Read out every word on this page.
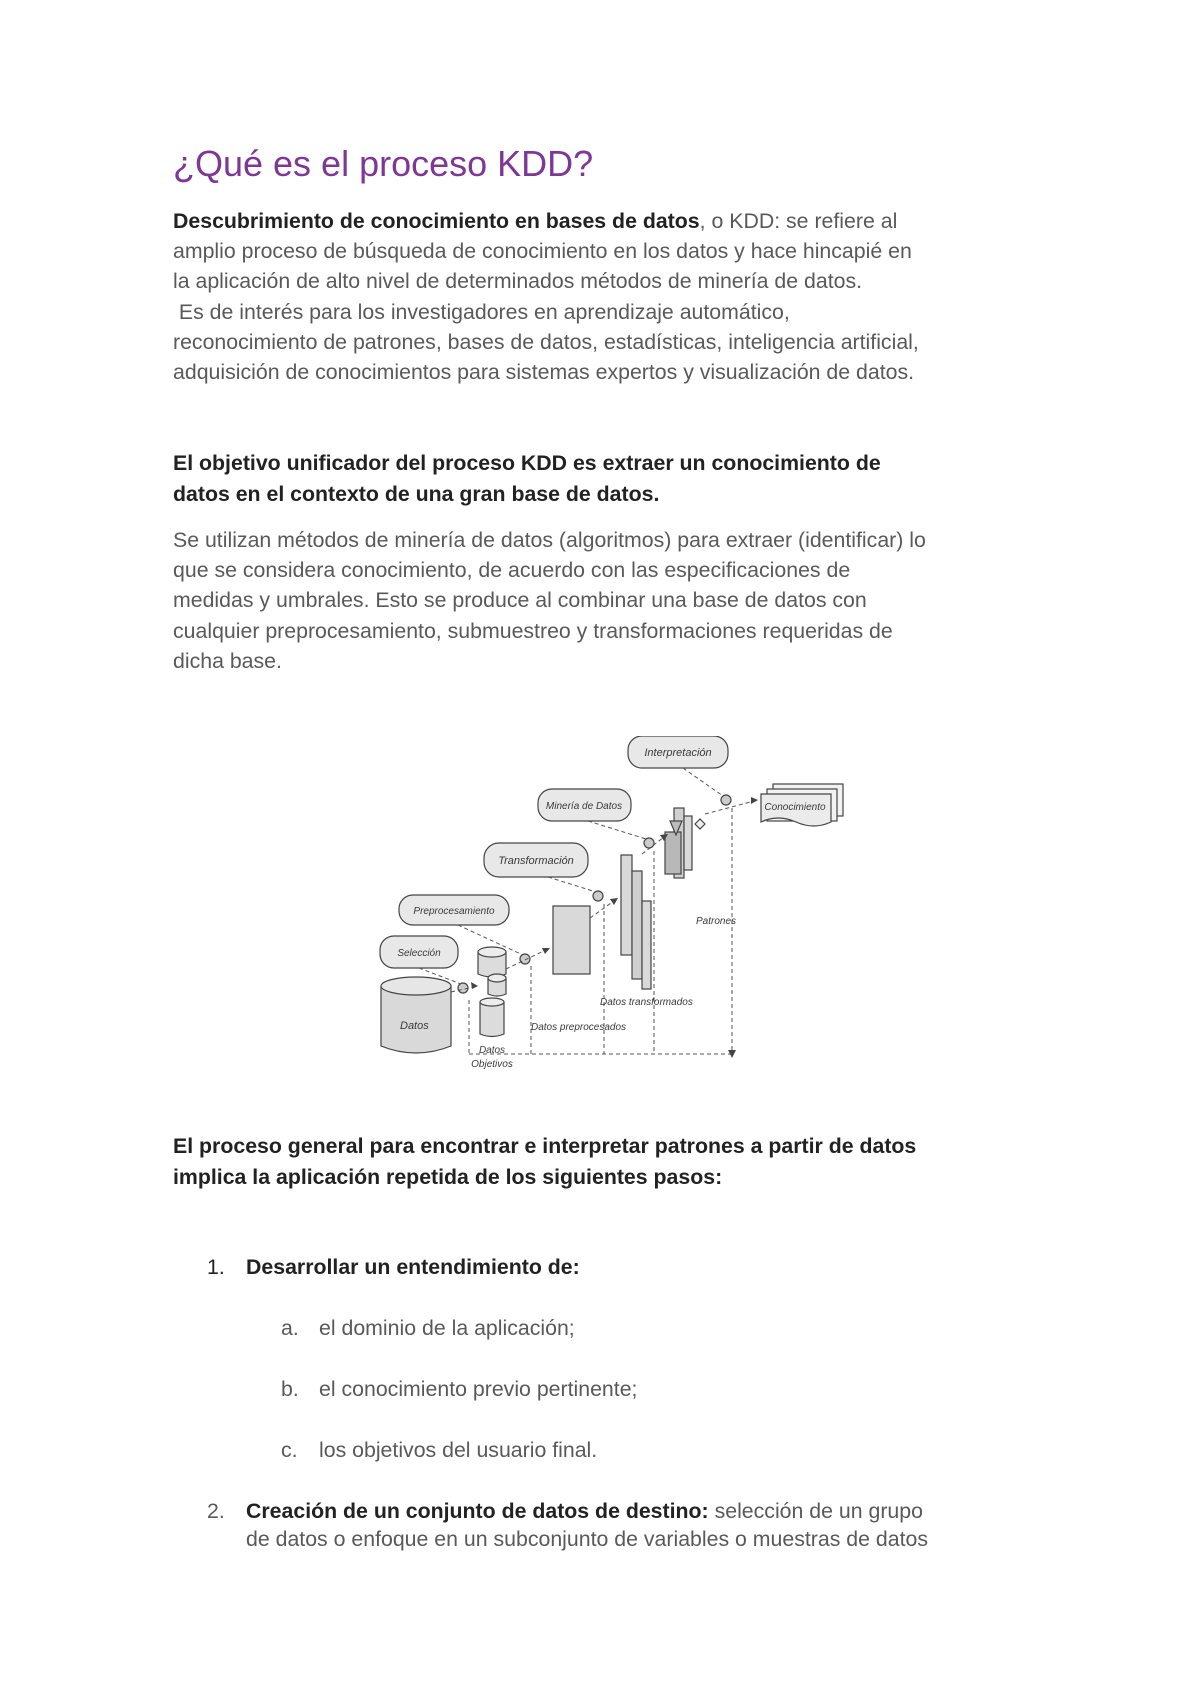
¿Qué es el proceso KDD?
Descubrimiento de conocimiento en bases de datos, o KDD: se refiere al
amplio proceso de búsqueda de conocimiento en los datos y hace hincapié en
la aplicación de alto nivel de determinados métodos de minería de datos.
Es de interés para los investigadores en aprendizaje automático,
reconocimiento de patrones, bases de datos, estadísticas, inteligencia artificial,
adquisición de conocimientos para sistemas expertos y visualización de datos.
El objetivo unificador del proceso KDD es extraer un conocimiento de
datos en el contexto de una gran base de datos.
Se utilizan métodos de minería de datos (algoritmos) para extraer (identificar) lo
que se considera conocimiento, de acuerdo con las especificaciones de
medidas y umbrales. Esto se produce al combinar una base de datos con
cualquier preprocesamiento, submuestreo y transformaciones requeridas de
dicha base.
Interpretación
Conocimiento
Minería de Datos
Transformación
Preprocesamiento
Selección
Patrones
Datos transformados
Datos preprocesados
Datos
Datos
Objetivos
El proceso general para encontrar e interpretar patrones a partir de datos
implica la aplicación repetida de los siguientes pasos:
1. Desarrollar un entendimiento de:
a. el dominio de la aplicación;
b. el conocimiento previo pertinente;
c. los objetivos del usuario final.
2. Creación de un conjunto de datos de destino: selección de un grupo
de datos o enfoque en un subconjunto de variables o muestras de datos
